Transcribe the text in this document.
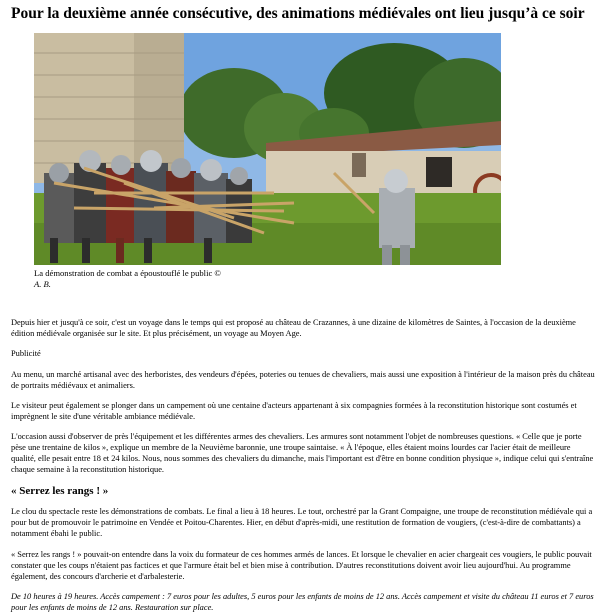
Pour la deuxième année consécutive, des animations médiévales ont lieu jusqu’à ce soir
La démonstration de combat a époustouflé le public ©
A. B.

Depuis hier et jusqu'à ce soir, c'est un voyage dans le temps qui est proposé au château de Crazannes, à une dizaine de kilomètres de Saintes, à l'occasion de la deuxième édition médiévale organisée sur le site. Et plus précisément, un voyage au Moyen Age.

Publicité

Au menu, un marché artisanal avec des herboristes, des vendeurs d'épées, poteries ou tenues de chevaliers, mais aussi une exposition à l'intérieur de la maison près du château de portraits médiévaux et animaliers.

Le visiteur peut également se plonger dans un campement où une centaine d'acteurs appartenant à six compagnies formées à la reconstitution historique sont costumés et imprègnent le site d'une véritable ambiance médiévale.

L'occasion aussi d'observer de près l'équipement et les différentes armes des chevaliers. Les armures sont notamment l'objet de nombreuses questions. « Celle que je porte pèse une trentaine de kilos », explique un membre de la Neuvième baronnie, une troupe saintaise. « À l'époque, elles étaient moins lourdes car l'acier était de meilleure qualité, elle pesait entre 18 et 24 kilos. Nous, nous sommes des chevaliers du dimanche, mais l'important est d'être en bonne condition physique », indique celui qui s'entraîne chaque semaine à la reconstitution historique.

« Serrez les rangs ! »

Le clou du spectacle reste les démonstrations de combats. Le final a lieu à 18 heures. Le tout, orchestré par la Grant Compaigne, une troupe de reconstitution médiévale qui a pour but de promouvoir le patrimoine en Vendée et Poitou-Charentes. Hier, en début d'après-midi, une restitution de formation de vougiers, (c'est-à-dire de combattants) a notamment ébahi le public.

« Serrez les rangs ! » pouvait-on entendre dans la voix du formateur de ces hommes armés de lances. Et lorsque le chevalier en acier chargeait ces vougiers, le public pouvait constater que les coups n'étaient pas factices et que l'armure était bel et bien mise à contribution. D'autres reconstitutions doivent avoir lieu aujourd'hui. Au programme également, des concours d'archerie et d'arbalesterie.

De 10 heures à 19 heures. Accès campement : 7 euros pour les adultes, 5 euros pour les enfants de moins de 12 ans. Accès campement et visite du château 11 euros et 7 euros pour les enfants de moins de 12 ans. Restauration sur place.
